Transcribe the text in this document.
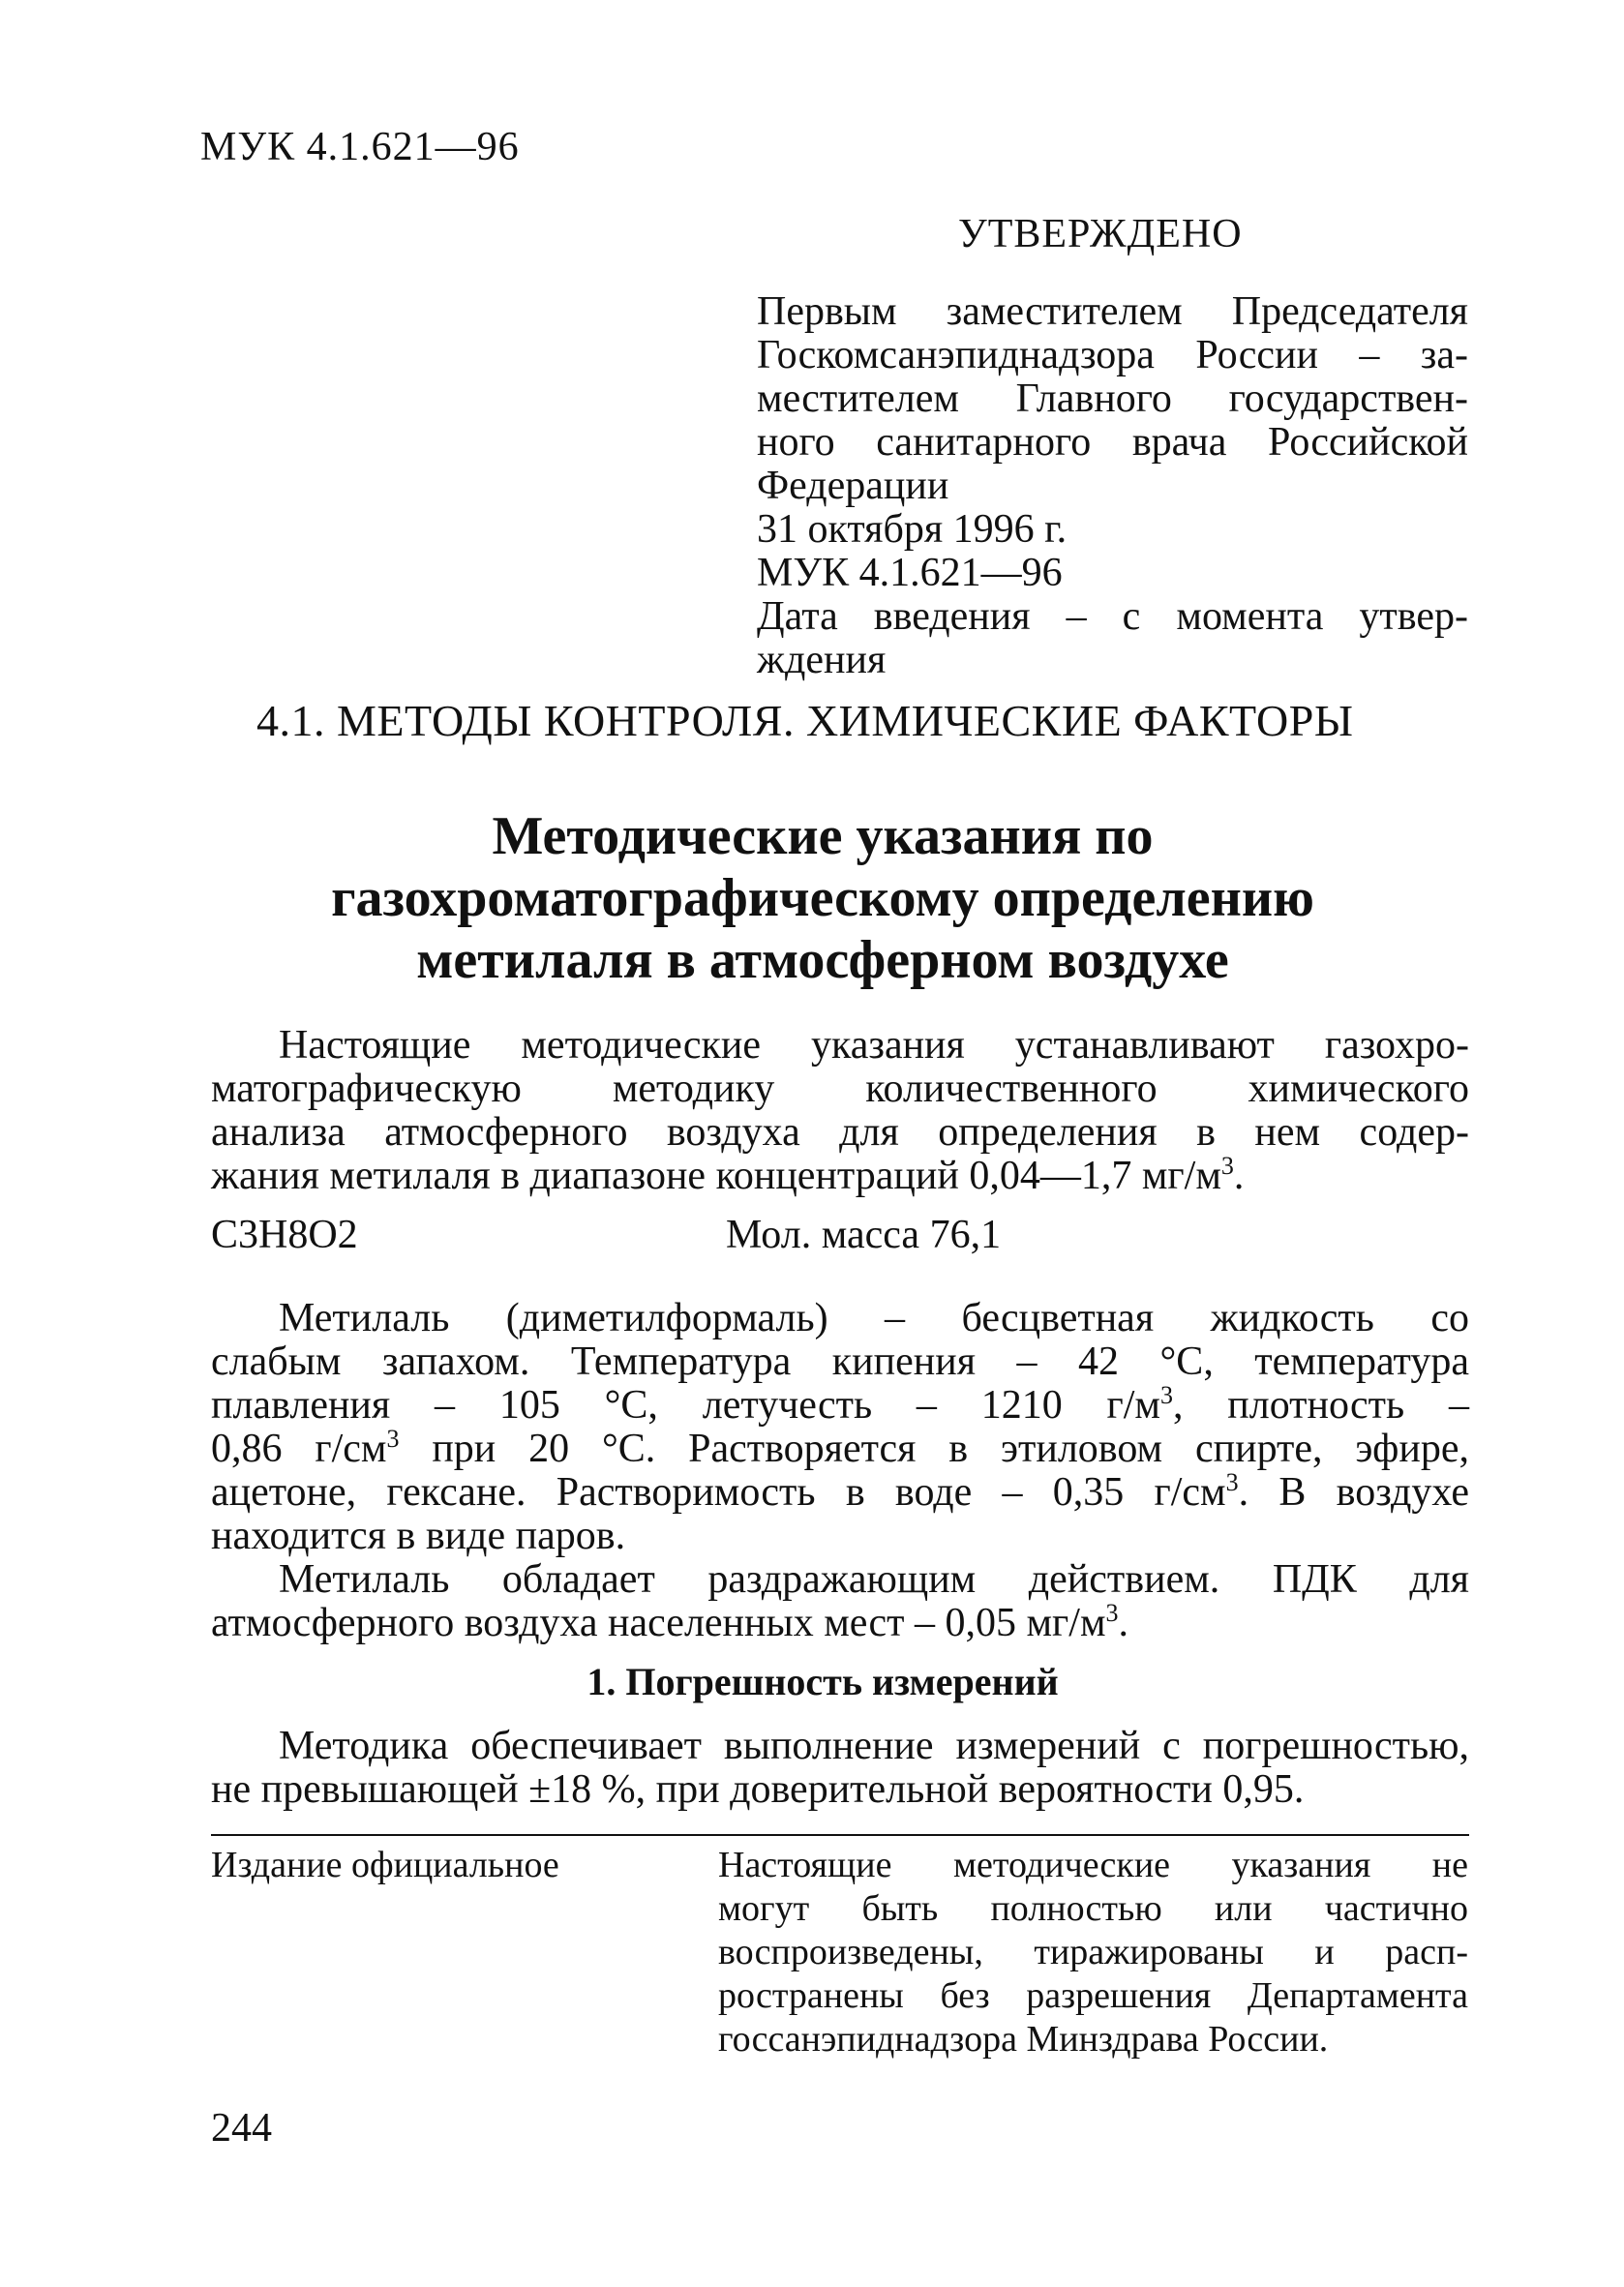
МУК 4.1.621—96
УТВЕРЖДЕНО
Первым заместителем Председателя
Госкомсанэпиднадзора России – за-
местителем Главного государствен-
ного санитарного врача Российской
Федерации
31 октября 1996 г.
МУК 4.1.621—96
Дата введения – с момента утвер-
ждения
4.1. МЕТОДЫ КОНТРОЛЯ. ХИМИЧЕСКИЕ ФАКТОРЫ
Методические указания по
газохроматографическому определению
метилаля в атмосферном воздухе
Настоящие методические указания устанавливают газохро-
матографическую методику количественного химического
анализа атмосферного воздуха для определения в нем содер-
жания метилаля в диапазоне концентраций 0,04—1,7 $мг/м^3$.
C3H8O2	Мол. масса 76,1
Метилаль (диметилформаль) – бесцветная жидкость со
слабым запахом. Температура кипения – 42 °С, температура
плавления – 105 °С, летучесть – 1210 $г/м^3$, плотность –
0,86 $г/см^3$ при 20 °С. Растворяется в этиловом спирте, эфире,
ацетоне, гексане. Растворимость в воде – 0,35 $г/см^3$. В воздухе
находится в виде паров.
Метилаль обладает раздражающим действием. ПДК для
атмосферного воздуха населенных мест – 0,05 $мг/м^3$.
1. Погрешность измерений
Методика обеспечивает выполнение измерений с погрешностью,
не превышающей ±18 %, при доверительной вероятности 0,95.
Издание официальное	Настоящие методические указания не
могут быть полностью или частично
воспроизведены, тиражированы и расп-
ространены без разрешения Департамента
госсанэпиднадзора Минздрава России.
244
